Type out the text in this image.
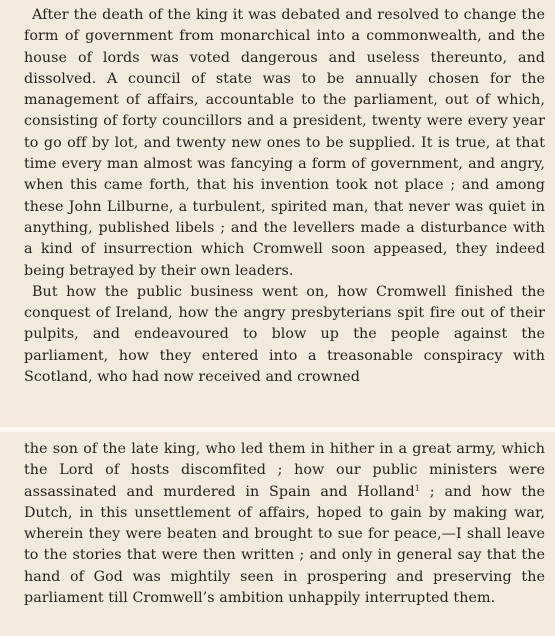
After the death of the king it was debated and resolved to change the form of government from monarchical into a commonwealth, and the house of lords was voted dangerous and useless thereunto, and dissolved. A council of state was to be annually chosen for the management of affairs, accountable to the parliament, out of which, consisting of forty councillors and a president, twenty were every year to go off by lot, and twenty new ones to be supplied. It is true, at that time every man almost was fancying a form of government, and angry, when this came forth, that his invention took not place ; and among these John Lilburne, a turbulent, spirited man, that never was quiet in anything, published libels ; and the levellers made a disturbance with a kind of insurrection which Cromwell soon appeased, they indeed being betrayed by their own leaders.

But how the public business went on, how Cromwell finished the conquest of Ireland, how the angry presbyterians spit fire out of their pulpits, and endeavoured to blow up the people against the parliament, how they entered into a treasonable conspiracy with Scotland, who had now received and crowned

the son of the late king, who led them in hither in a great army, which the Lord of hosts discomfited ; how our public ministers were assassinated and murdered in Spain and Holland$^1$ ; and how the Dutch, in this unsettlement of affairs, hoped to gain by making war, wherein they were beaten and brought to sue for peace,—I shall leave to the stories that were then written ; and only in general say that the hand of God was mightily seen in prospering and preserving the parliament till Cromwell’s ambition unhappily interrupted them.
